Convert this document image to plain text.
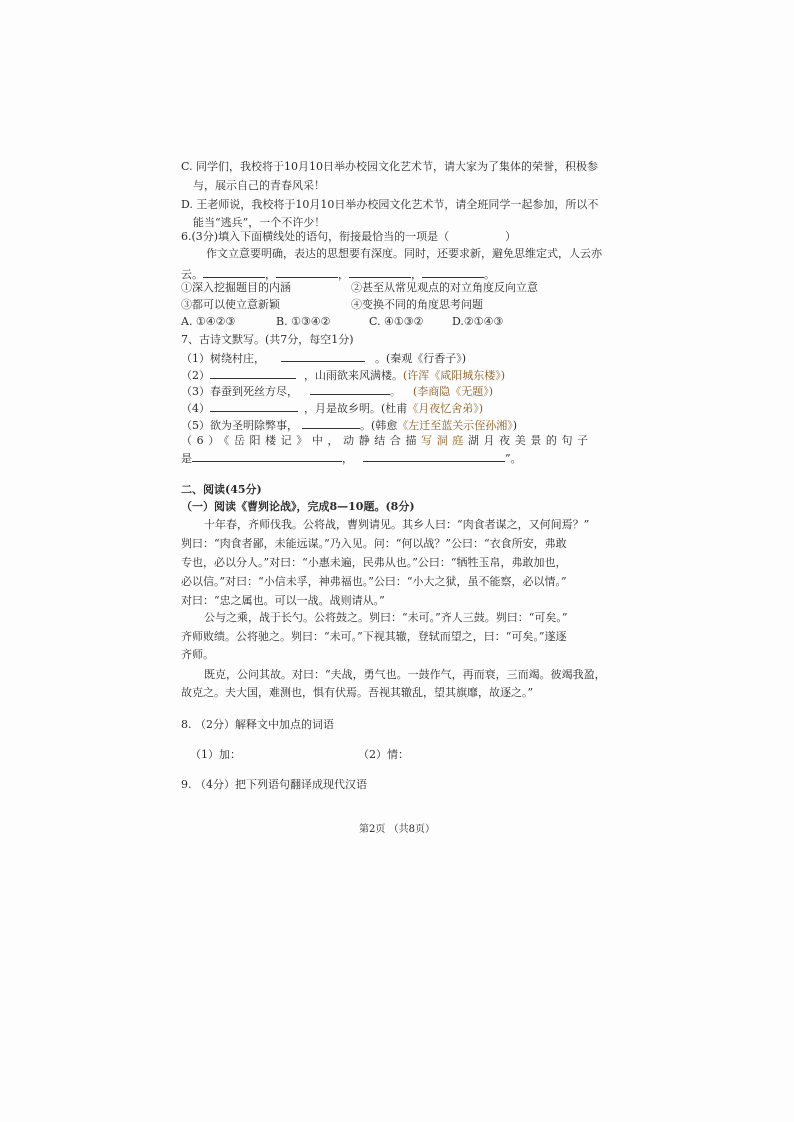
C. 同学们，我校将于10月10日举办校园文化艺术节，请大家为了集体的荣誉，积极参
与，展示自己的青春风采！
D. 王老师说，我校将于10月10日举办校园文化艺术节，请全班同学一起参加，所以不
能当“逃兵”，一个不许少！
6.(3分)填入下面横线处的语句，衔接最恰当的一项是（	）
作文立意要明确，表达的思想要有深度。同时，还要求新，避免思维定式，人云亦
云。	，	，	，	。
①深入挖掘题目的内涵	②甚至从常见观点的对立角度反向立意
③都可以使立意新颖	④变换不同的角度思考问题
A. ①④②③	B. ①③④②	C. ④①③②	D.②①④③
7、古诗文默写。(共7分，每空1分)
（1）树绕村庄，	。(秦观《行香子》)
（2）	，山雨欲来风满楼。(许浑《咸阳城东楼》)
（3）春蚕到死丝方尽，	。 (李商隐《无题》)
（4）	，月是故乡明。(杜甫《月夜忆舍弟》)
（5）欲为圣明除弊事，	。(韩愈《左迁至蓝关示侄孙湘》)
（6）《岳阳楼记》中，动静结合描写洞庭湖月夜美景的句子
是	，	”。
二、阅读(45分)
（一）阅读《曹刿论战》，完成8—10题。(8分)
十年春，齐师伐我。公将战，曹刿请见。其乡人曰：“肉食者谋之，又何间焉？”
刿曰：“肉食者鄙，未能远谋。”乃入见。问：“何以战？”公曰：“衣食所安，弗敢
专也，必以分人。”对曰：“小惠未遍，民弗从也。”公曰：“牺牲玉帛，弗敢加也，
必以信。”对曰：“小信未孚，神弗福也。”公曰：“小大之狱，虽不能察，必以情。”
对曰：“忠之属也。可以一战。战则请从。”
公与之乘，战于长勺。公将鼓之。刿曰：“未可。”齐人三鼓。刿曰：“可矣。”
齐师败绩。公将驰之。刿曰：“未可。”下视其辙，登轼而望之，曰：“可矣。”遂逐
齐师。
既克，公问其故。对曰：“夫战，勇气也。一鼓作气，再而衰，三而竭。彼竭我盈，
故克之。夫大国，难测也，惧有伏焉。吾视其辙乱，望其旗靡，故逐之。”
8. （2分）解释文中加点的词语
（1）加：	（2）情：
9. （4分）把下列语句翻译成现代汉语
第2页 （共8页）
